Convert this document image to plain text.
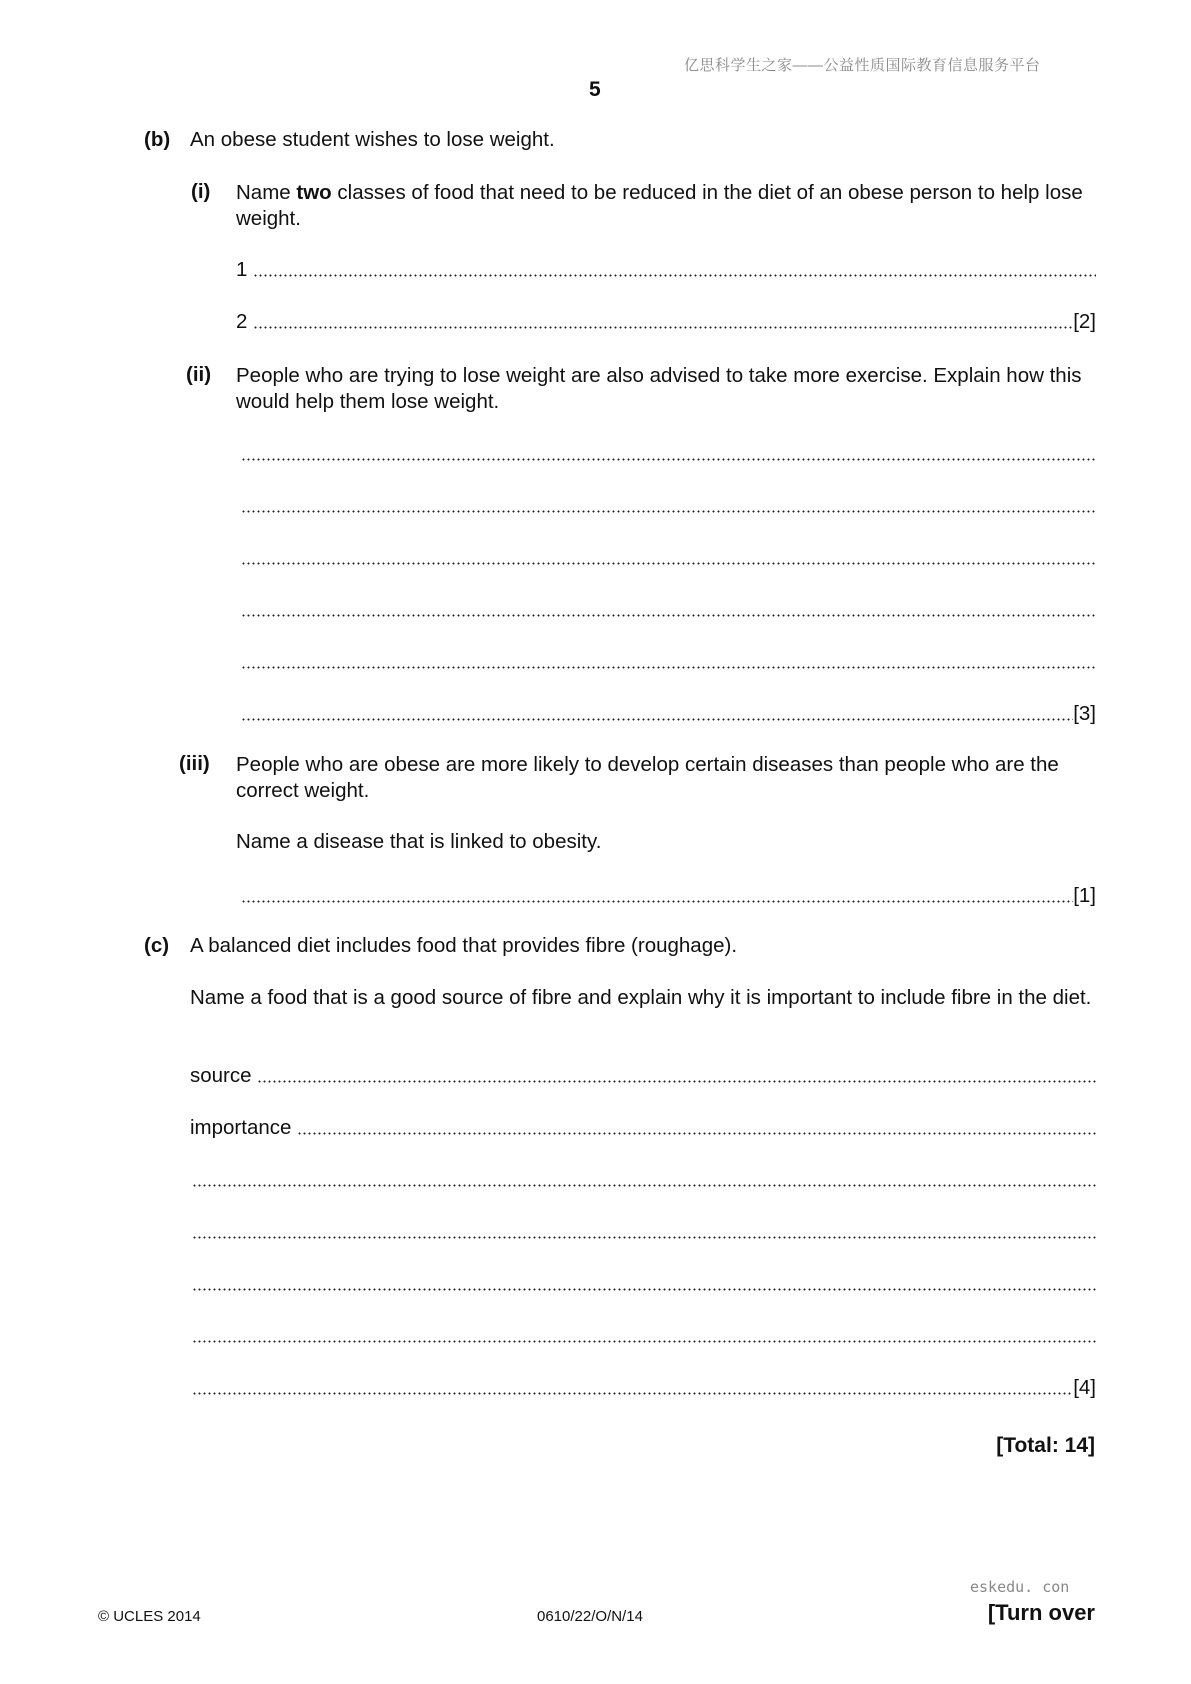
亿思科学生之家——公益性质国际教育信息服务平台
5
(b) An obese student wishes to lose weight.
(i) Name two classes of food that need to be reduced in the diet of an obese person to help lose weight.
1
2	[2]
(ii) People who are trying to lose weight are also advised to take more exercise. Explain how this would help them lose weight.
[3]
(iii) People who are obese are more likely to develop certain diseases than people who are the correct weight.
Name a disease that is linked to obesity.
[1]
(c) A balanced diet includes food that provides fibre (roughage).
Name a food that is a good source of fibre and explain why it is important to include fibre in the diet.
source
importance
[4]
[Total: 14]
eskedu. con
© UCLES 2014	0610/22/O/N/14	[Turn over
